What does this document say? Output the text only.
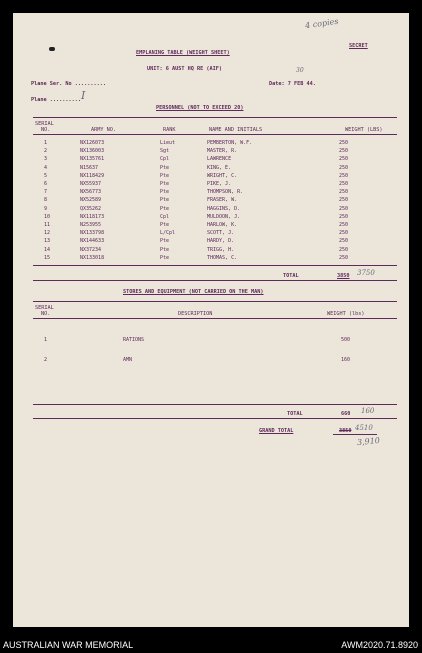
4 copies
EMPLANING TABLE (WEIGHT SHEET)
SECRET
UNIT: 6 AUST HQ RE (AIF)
Plane Ser. No ..........
30
Date: 7 FEB 44.
Plane .......... I
PERSONNEL (NOT TO EXCEED 20)
SERIAL
NO.	ARMY NO.	RANK	NAME AND INITIALS	WEIGHT (LBS)
1	NX126073	Lieut	PEMBERTON, W.F.	250
2	NX136003	Sgt	MASTER, R.	250
3	NX135761	Cpl	LAWRENCE	250
4	N15637	Pte	KING, E.	250
5	NX118429	Pte	WRIGHT, C.	250
6	NX55937	Pte	PIKE, J.	250
7	NX56773	Pte	THOMPSON, R.	250
8	NX52589	Pte	FRASER, W.	250
9	QX35262	Pte	HAGGINS, D.	250
10	NX118173	Cpl	MULDOON, J.	250
11	N253955	Pte	HARLOW, K.	250
12	NX133798	L/Cpl	SCOTT, J.	250
13	NX144633	Pte	HARDY, D.	250
14	NX37234	Pte	TRIGG, H.	250
15	NX133018	Pte	THOMAS, C.	250
TOTAL	3850 3750
STORES AND EQUIPMENT (NOT CARRIED ON THE MAN)
SERIAL
NO.	DESCRIPTION	WEIGHT (lbs)
1	RATIONS	500
2	AMN	160
TOTAL	660 160
GRAND TOTAL	3850 4510
3,910
AUSTRALIAN WAR MEMORIAL	AWM2020.71.8920
